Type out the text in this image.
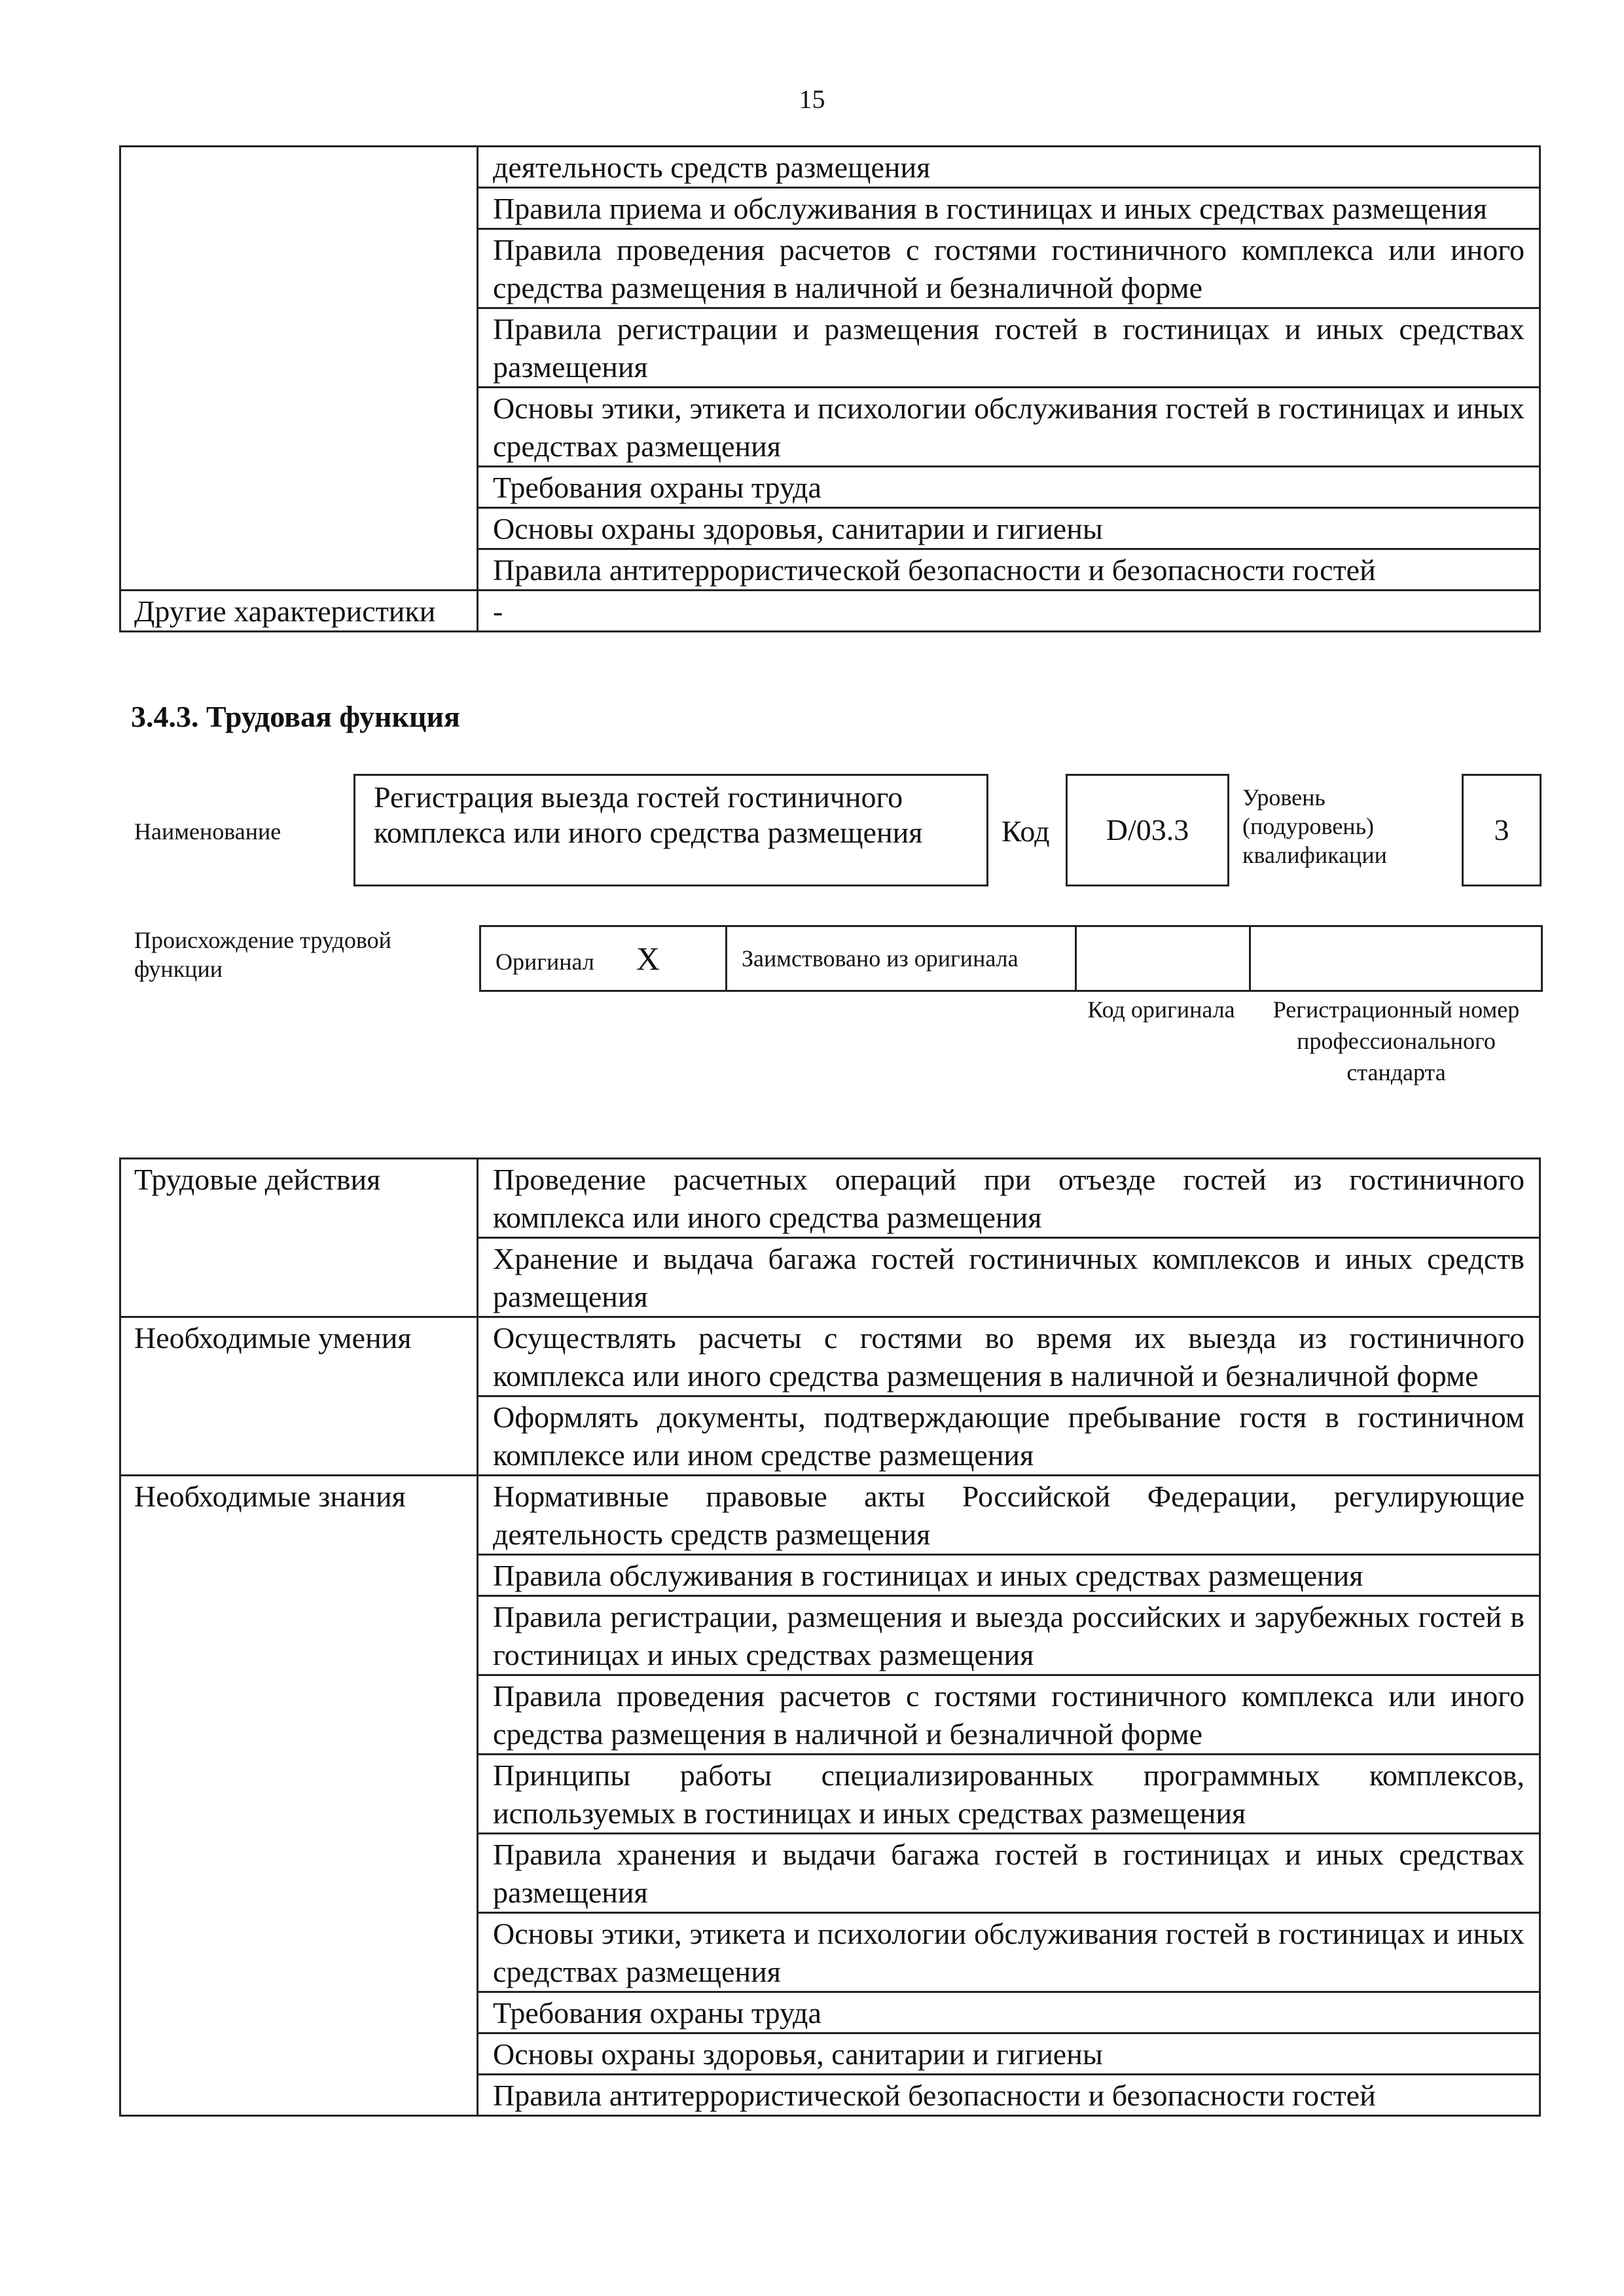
15
	деятельность средств размещения
	Правила приема и обслуживания в гостиницах и иных средствах размещения
	Правила проведения расчетов с гостями гостиничного комплекса или иного средства размещения в наличной и безналичной форме
	Правила регистрации и размещения гостей в гостиницах и иных средствах размещения
	Основы этики, этикета и психологии обслуживания гостей в гостиницах и иных средствах размещения
	Требования охраны труда
	Основы охраны здоровья, санитарии и гигиены
	Правила антитеррористической безопасности и безопасности гостей
Другие характеристики	-
3.4.3. Трудовая функция
Наименование
Регистрация выезда гостей гостиничного комплекса или иного средства размещения	Код	D/03.3
Уровень (подуровень) квалификации
3
Происхождение трудовой функции	Оригинал X	Заимствовано из оригинала

Код оригинала	Регистрационный номер профессионального стандарта
Трудовые действия	Проведение расчетных операций при отъезде гостей из гостиничного комплекса или иного средства размещения
	Хранение и выдача багажа гостей гостиничных комплексов и иных средств размещения
Необходимые умения	Осуществлять расчеты с гостями во время их выезда из гостиничного комплекса или иного средства размещения в наличной и безналичной форме
	Оформлять документы, подтверждающие пребывание гостя в гостиничном комплексе или ином средстве размещения
Необходимые знания	Нормативные правовые акты Российской Федерации, регулирующие деятельность средств размещения
	Правила обслуживания в гостиницах и иных средствах размещения
	Правила регистрации, размещения и выезда российских и зарубежных гостей в гостиницах и иных средствах размещения
	Правила проведения расчетов с гостями гостиничного комплекса или иного средства размещения в наличной и безналичной форме
	Принципы работы специализированных программных комплексов, используемых в гостиницах и иных средствах размещения
	Правила хранения и выдачи багажа гостей в гостиницах и иных средствах размещения
	Основы этики, этикета и психологии обслуживания гостей в гостиницах и иных средствах размещения
	Требования охраны труда
	Основы охраны здоровья, санитарии и гигиены
	Правила антитеррористической безопасности и безопасности гостей
